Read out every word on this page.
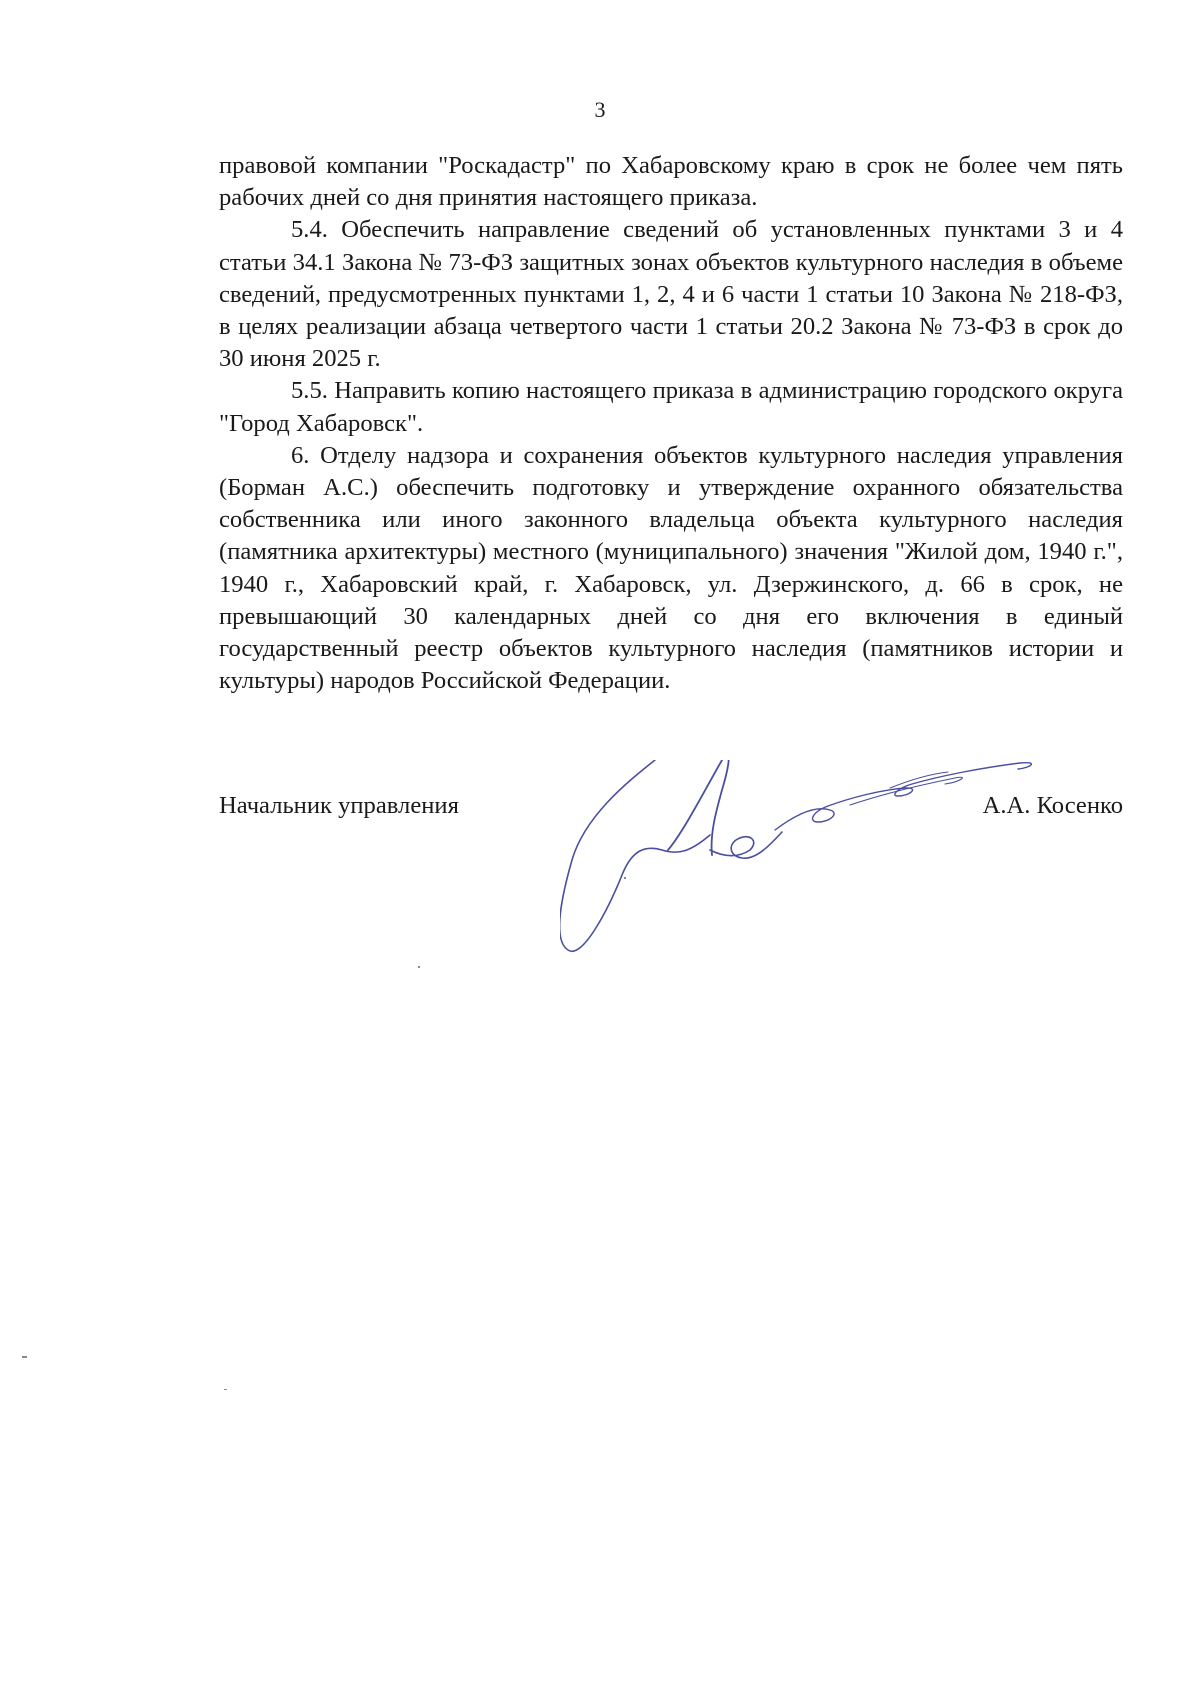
3

правовой компании "Роскадастр" по Хабаровскому краю в срок не более чем пять рабочих дней со дня принятия настоящего приказа.

5.4. Обеспечить направление сведений об установленных пунктами 3 и 4 статьи 34.1 Закона № 73-ФЗ защитных зонах объектов культурного наследия в объеме сведений, предусмотренных пунктами 1, 2, 4 и 6 части 1 статьи 10 Закона № 218-ФЗ, в целях реализации абзаца четвертого части 1 статьи 20.2 Закона № 73-ФЗ в срок до 30 июня 2025 г.

5.5. Направить копию настоящего приказа в администрацию городского округа "Город Хабаровск".

6. Отделу надзора и сохранения объектов культурного наследия управления (Борман А.С.) обеспечить подготовку и утверждение охранного обязательства собственника или иного законного владельца объекта культурного наследия (памятника архитектуры) местного (муниципального) значения "Жилой дом, 1940 г.", 1940 г., Хабаровский край, г. Хабаровск, ул. Дзержинского, д. 66 в срок, не превышающий 30 календарных дней со дня его включения в единый государственный реестр объектов культурного наследия (памятников истории и культуры) народов Российской Федерации.

Начальник управления	А.А. Косенко
